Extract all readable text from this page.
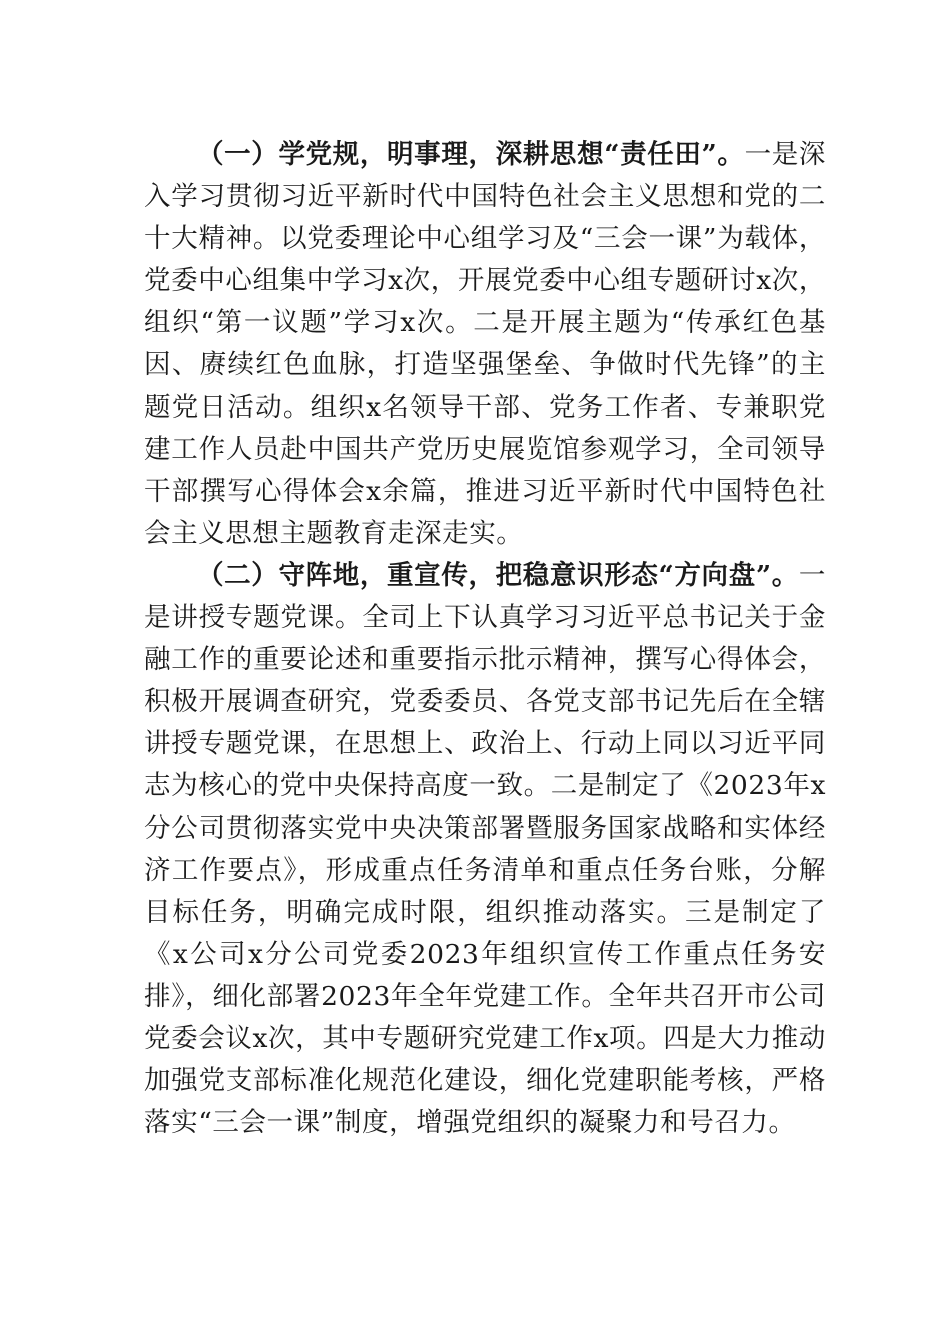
（一）学党规，明事理，深耕思想“责任田”。一是深入学习贯彻习近平新时代中国特色社会主义思想和党的二十大精神。以党委理论中心组学习及“三会一课”为载体，党委中心组集中学习x次，开展党委中心组专题研讨x次，组织“第一议题”学习x次。二是开展主题为“传承红色基因、赓续红色血脉，打造坚强堡垒、争做时代先锋”的主题党日活动。组织x名领导干部、党务工作者、专兼职党建工作人员赴中国共产党历史展览馆参观学习，全司领导干部撰写心得体会x余篇，推进习近平新时代中国特色社会主义思想主题教育走深走实。

（二）守阵地，重宣传，把稳意识形态“方向盘”。一是讲授专题党课。全司上下认真学习习近平总书记关于金融工作的重要论述和重要指示批示精神，撰写心得体会，积极开展调查研究，党委委员、各党支部书记先后在全辖讲授专题党课，在思想上、政治上、行动上同以习近平同志为核心的党中央保持高度一致。二是制定了《2023年x分公司贯彻落实党中央决策部署暨服务国家战略和实体经济工作要点》，形成重点任务清单和重点任务台账，分解目标任务，明确完成时限，组织推动落实。三是制定了《x公司x分公司党委2023年组织宣传工作重点任务安排》，细化部署2023年全年党建工作。全年共召开市公司党委会议x次，其中专题研究党建工作x项。四是大力推动加强党支部标准化规范化建设，细化党建职能考核，严格落实“三会一课”制度，增强党组织的凝聚力和号召力。
